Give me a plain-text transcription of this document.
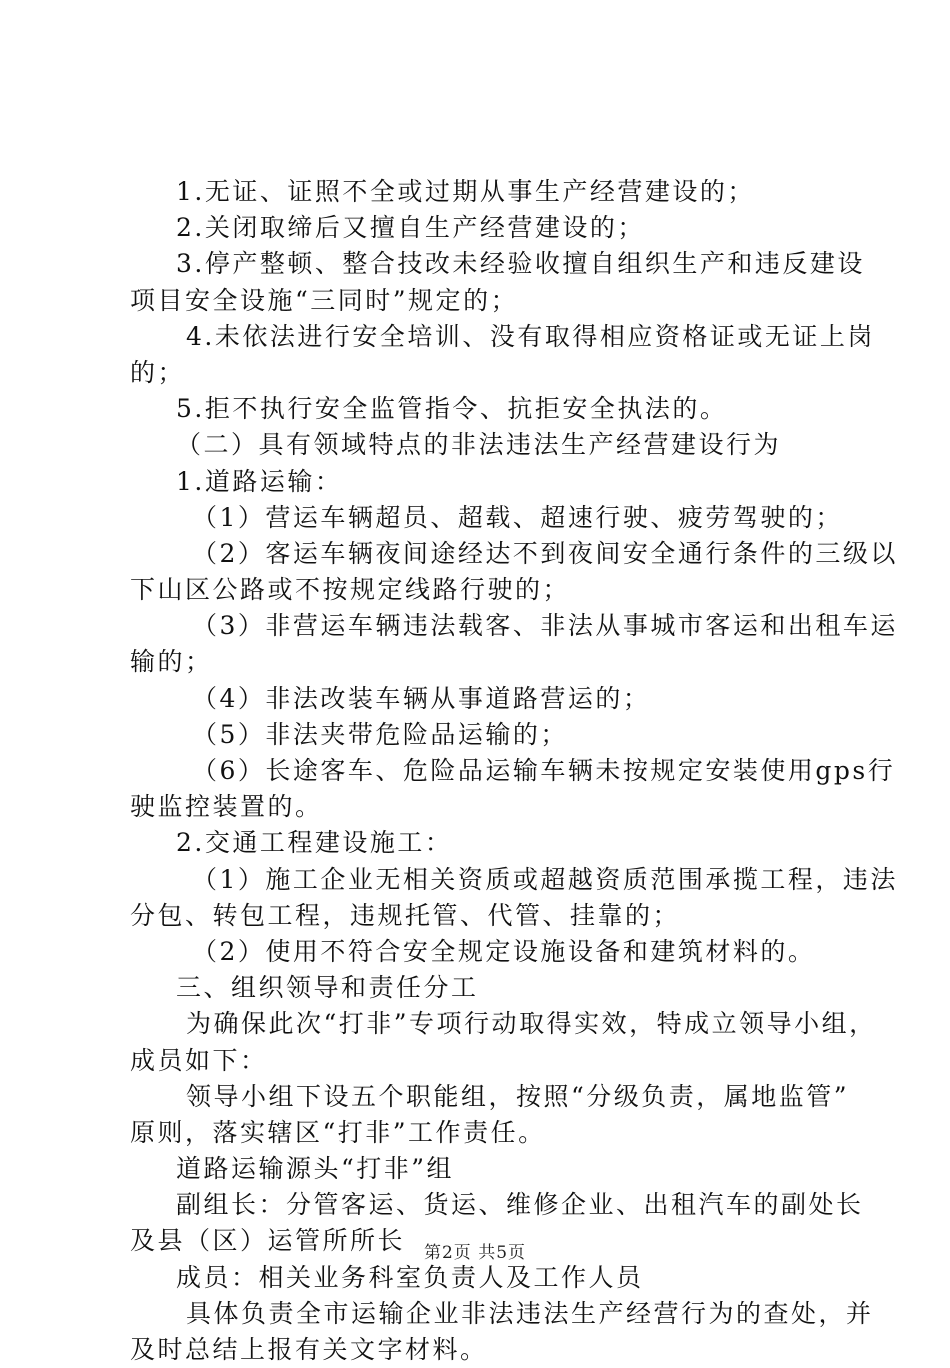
1.无证、证照不全或过期从事生产经营建设的；
2.关闭取缔后又擅自生产经营建设的；
3.停产整顿、整合技改未经验收擅自组织生产和违反建设
项目安全设施“三同时”规定的；
4.未依法进行安全培训、没有取得相应资格证或无证上岗
的；
5.拒不执行安全监管指令、抗拒安全执法的。
（二）具有领域特点的非法违法生产经营建设行为
1.道路运输：
（1）营运车辆超员、超载、超速行驶、疲劳驾驶的；
（2）客运车辆夜间途经达不到夜间安全通行条件的三级以
下山区公路或不按规定线路行驶的；
（3）非营运车辆违法载客、非法从事城市客运和出租车运
输的；
（4）非法改装车辆从事道路营运的；
（5）非法夹带危险品运输的；
（6）长途客车、危险品运输车辆未按规定安装使用gps行
驶监控装置的。
2.交通工程建设施工：
（1）施工企业无相关资质或超越资质范围承揽工程，违法
分包、转包工程，违规托管、代管、挂靠的；
（2）使用不符合安全规定设施设备和建筑材料的。
三、组织领导和责任分工
为确保此次“打非”专项行动取得实效，特成立领导小组，
成员如下：
领导小组下设五个职能组，按照“分级负责，属地监管”
原则，落实辖区“打非”工作责任。
道路运输源头“打非”组
副组长：分管客运、货运、维修企业、出租汽车的副处长
及县（区）运管所所长
成员：相关业务科室负责人及工作人员
具体负责全市运输企业非法违法生产经营行为的查处，并
及时总结上报有关文字材料。
第2页 共5页
